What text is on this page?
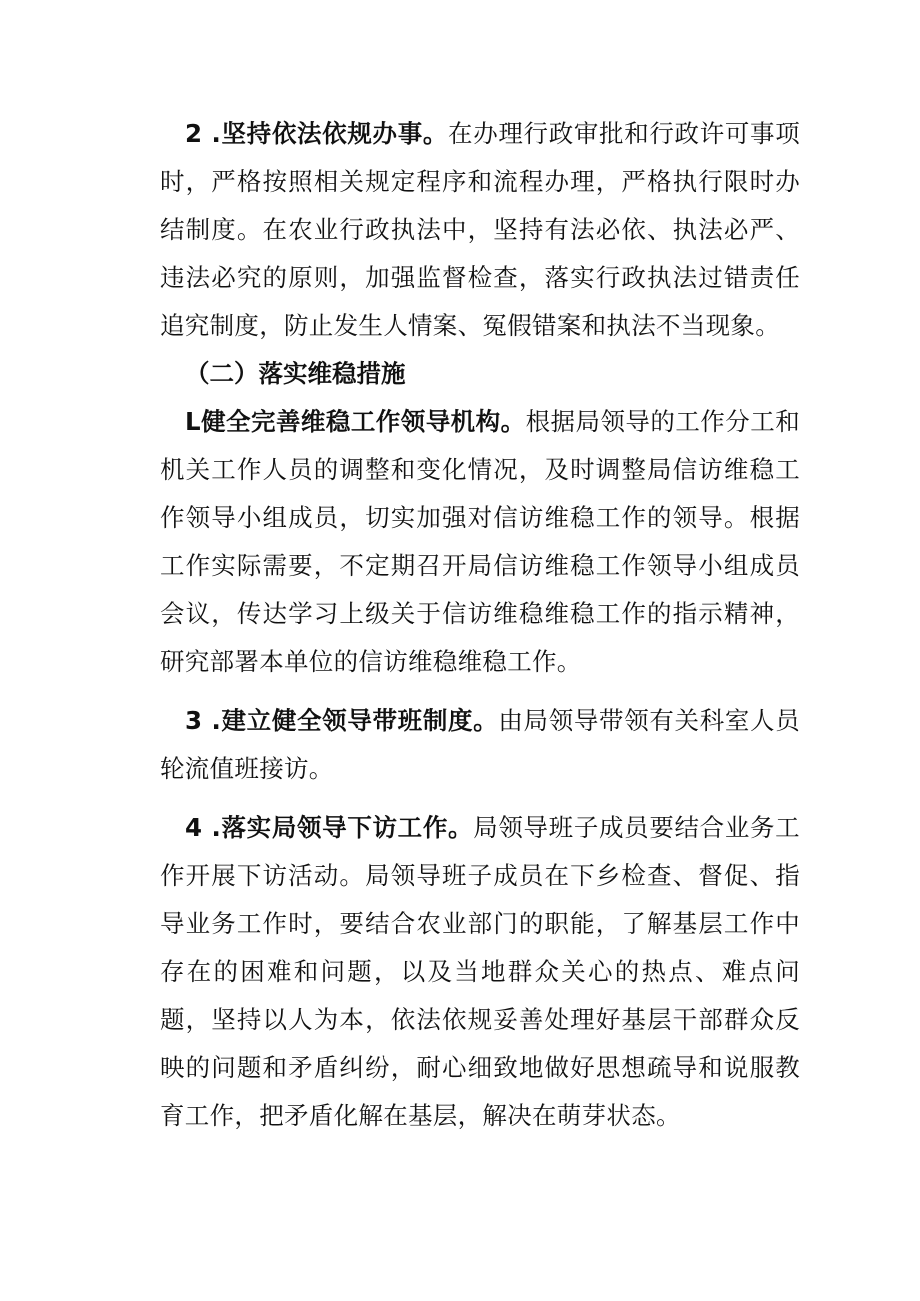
2 .坚持依法依规办事。在办理行政审批和行政许可事项时，严格按照相关规定程序和流程办理，严格执行限时办结制度。在农业行政执法中，坚持有法必依、执法必严、违法必究的原则，加强监督检查，落实行政执法过错责任追究制度，防止发生人情案、冤假错案和执法不当现象。

（二）落实维稳措施

L健全完善维稳工作领导机构。根据局领导的工作分工和机关工作人员的调整和变化情况，及时调整局信访维稳工作领导小组成员，切实加强对信访维稳工作的领导。根据工作实际需要，不定期召开局信访维稳工作领导小组成员会议，传达学习上级关于信访维稳维稳工作的指示精神，研究部署本单位的信访维稳维稳工作。

3 .建立健全领导带班制度。由局领导带领有关科室人员轮流值班接访。

4 .落实局领导下访工作。局领导班子成员要结合业务工作开展下访活动。局领导班子成员在下乡检查、督促、指导业务工作时，要结合农业部门的职能，了解基层工作中存在的困难和问题，以及当地群众关心的热点、难点问题，坚持以人为本，依法依规妥善处理好基层干部群众反映的问题和矛盾纠纷，耐心细致地做好思想疏导和说服教育工作，把矛盾化解在基层，解决在萌芽状态。
